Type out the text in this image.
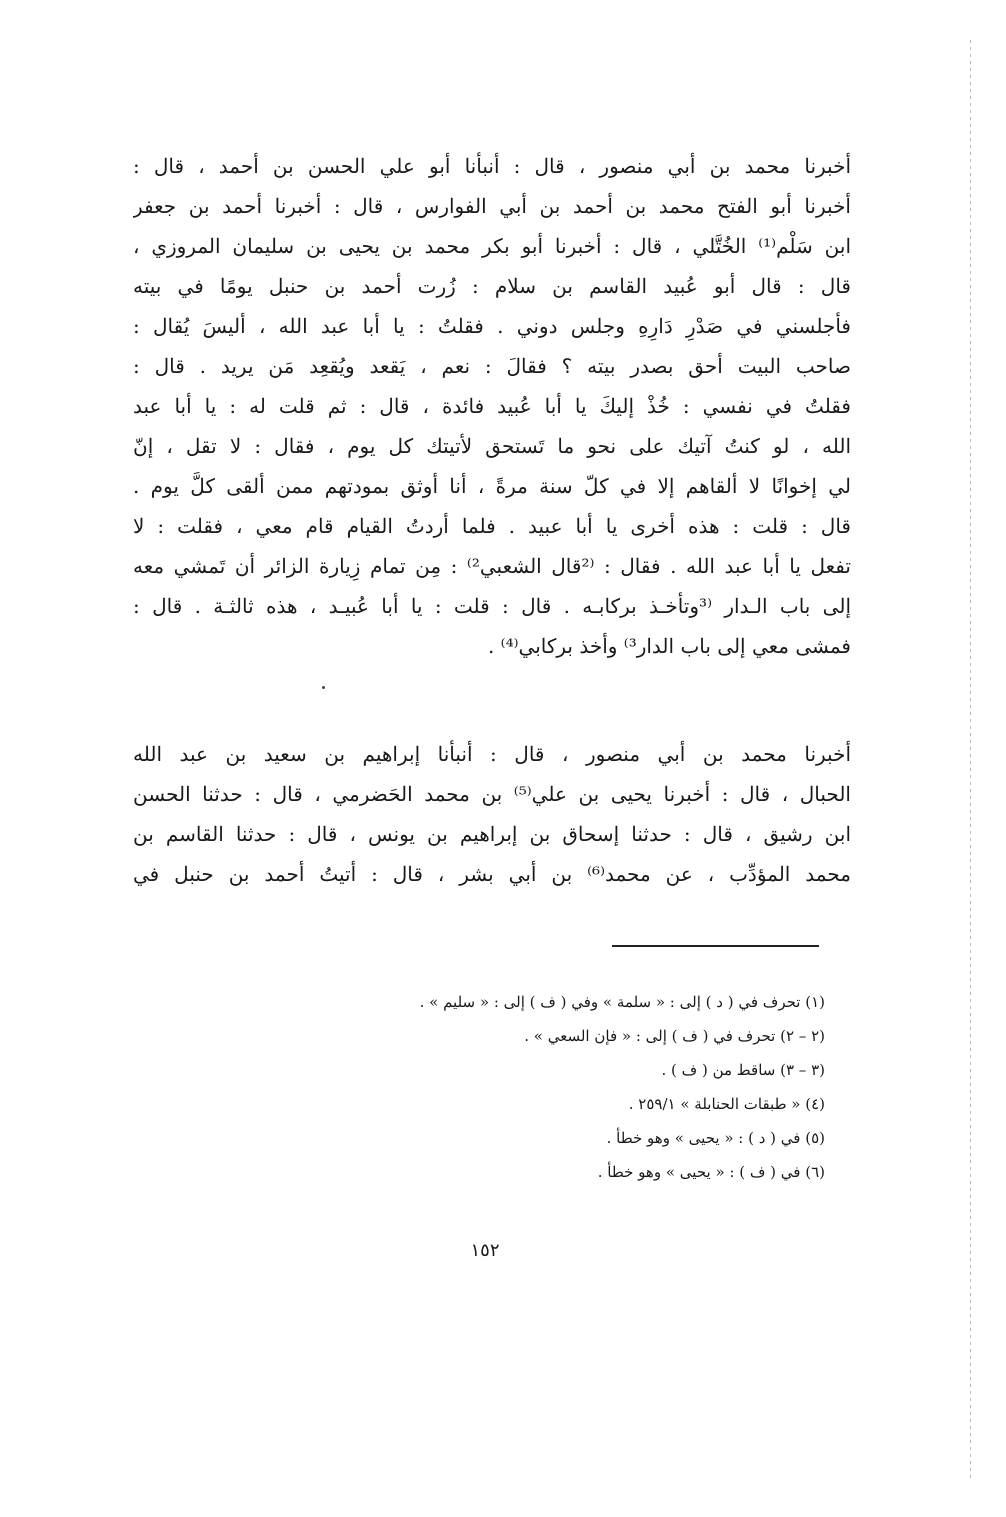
أخبرنا محمد بن أبي منصور ، قال : أنبأنا أبو علي الحسن بن أحمد ، قال :
أخبرنا أبو الفتح محمد بن أحمد بن أبي الفوارس ، قال : أخبرنا أحمد بن جعفر
ابن سَلْم⁽¹⁾ الخُتَّلي ، قال : أخبرنا أبو بكر محمد بن يحيى بن سليمان المروزي ،
قال : قال أبو عُبيد القاسم بن سلام : زُرت أحمد بن حنبل يومًا في بيته
فأجلسني في صَدْرِ دَارِهِ وجلس دوني . فقلتُ : يا أبا عبد الله ، أليسَ يُقال :
صاحب البيت أحق بصدر بيته ؟ فقالَ : نعم ، يَقعد ويُقعِد مَن يريد . قال :
فقلتُ في نفسي : خُذْ إليكَ يا أبا عُبيد فائدة ، قال : ثم قلت له : يا أبا عبد
الله ، لو كنتُ آتيك على نحو ما تَستحق لأتيتك كل يوم ، فقال : لا تقل ، إنّ
لي إخوانًا لا ألقاهم إلا في كلّ سنة مرةً ، أنا أوثق بمودتهم ممن ألقى كلَّ يوم .
قال : قلت : هذه أخرى يا أبا عبيد . فلما أردتُ القيام قام معي ، فقلت : لا
تفعل يا أبا عبد الله . فقال : ⁽²قال الشعبي²⁾ : مِن تمام زِيارة الزائر أن تَمشي معه
إلى باب الـدار ⁽³وتأخـذ بركابـه . قال : قلت : يا أبا عُبيـد ، هذه ثالثـة . قال :
فمشى معي إلى باب الدار³⁾ وأخذ بركابي⁽⁴⁾ .
أخبرنا محمد بن أبي منصور ، قال : أنبأنا إبراهيم بن سعيد بن عبد الله
الحبال ، قال : أخبرنا يحيى بن علي⁽⁵⁾ بن محمد الحَضرمي ، قال : حدثنا الحسن
ابن رشيق ، قال : حدثنا إسحاق بن إبراهيم بن يونس ، قال : حدثنا القاسم بن
محمد المؤدِّب ، عن محمد⁽⁶⁾ بن أبي بشر ، قال : أتيتُ أحمد بن حنبل في
(١) تحرف في ( د ) إلى : « سلمة » وفي ( ف ) إلى : « سليم » .
(٢ – ٢) تحرف في ( ف ) إلى : « فإن السعي » .
(٣ – ٣) ساقط من ( ف ) .
(٤) « طبقات الحنابلة » ٢٥٩/١ .
(٥) في ( د ) : « يحيى » وهو خطأ .
(٦) في ( ف ) : « يحيى » وهو خطأ .
١٥٢
